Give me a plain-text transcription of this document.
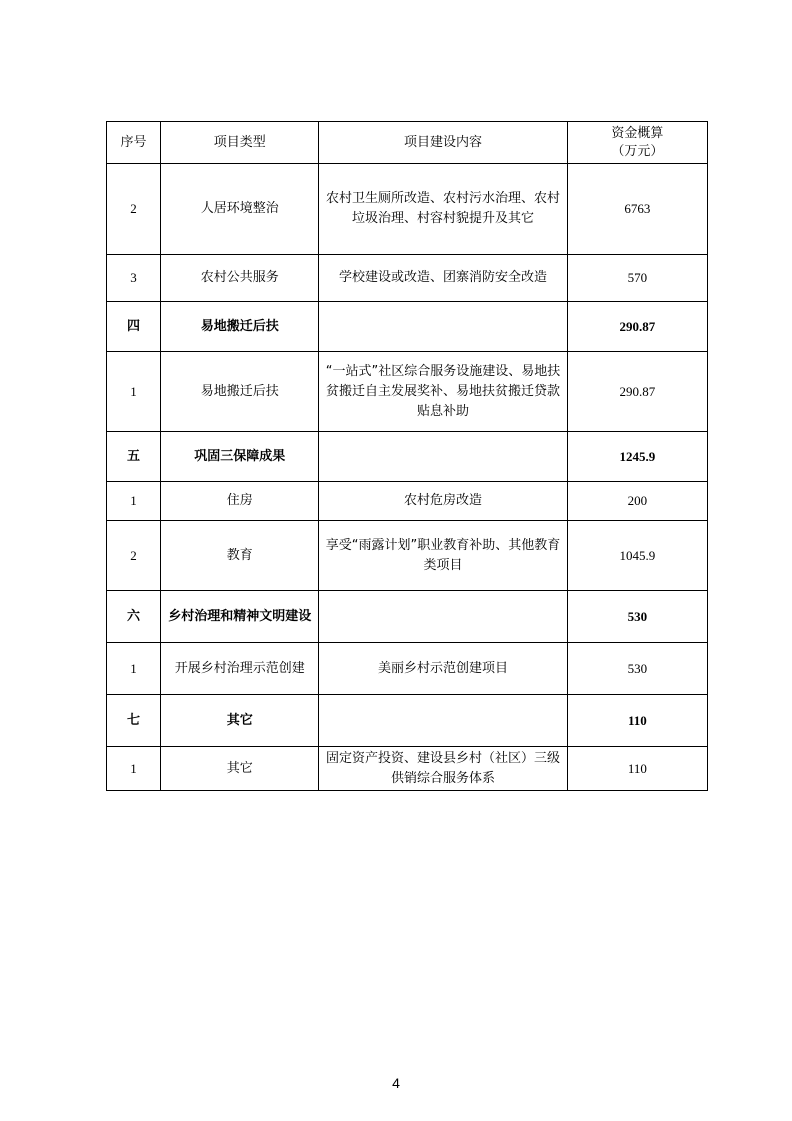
序号	项目类型	项目建设内容	资金概算
（万元）

2	人居环境整治	农村卫生厕所改造、农村污水治理、农村垃圾治理、村容村貌提升及其它	6763
3	农村公共服务	学校建设或改造、团寨消防安全改造	570
四	易地搬迁后扶		290.87
1	易地搬迁后扶	“一站式”社区综合服务设施建设、易地扶贫搬迁自主发展奖补、易地扶贫搬迁贷款贴息补助	290.87
五	巩固三保障成果		1245.9
1	住房	农村危房改造	200
2	教育	享受“雨露计划”职业教育补助、其他教育类项目	1045.9
六	乡村治理和精神文明建设		530
1	开展乡村治理示范创建	美丽乡村示范创建项目	530
七	其它		110
1	其它	固定资产投资、建设县乡村（社区）三级供销综合服务体系	110
4
